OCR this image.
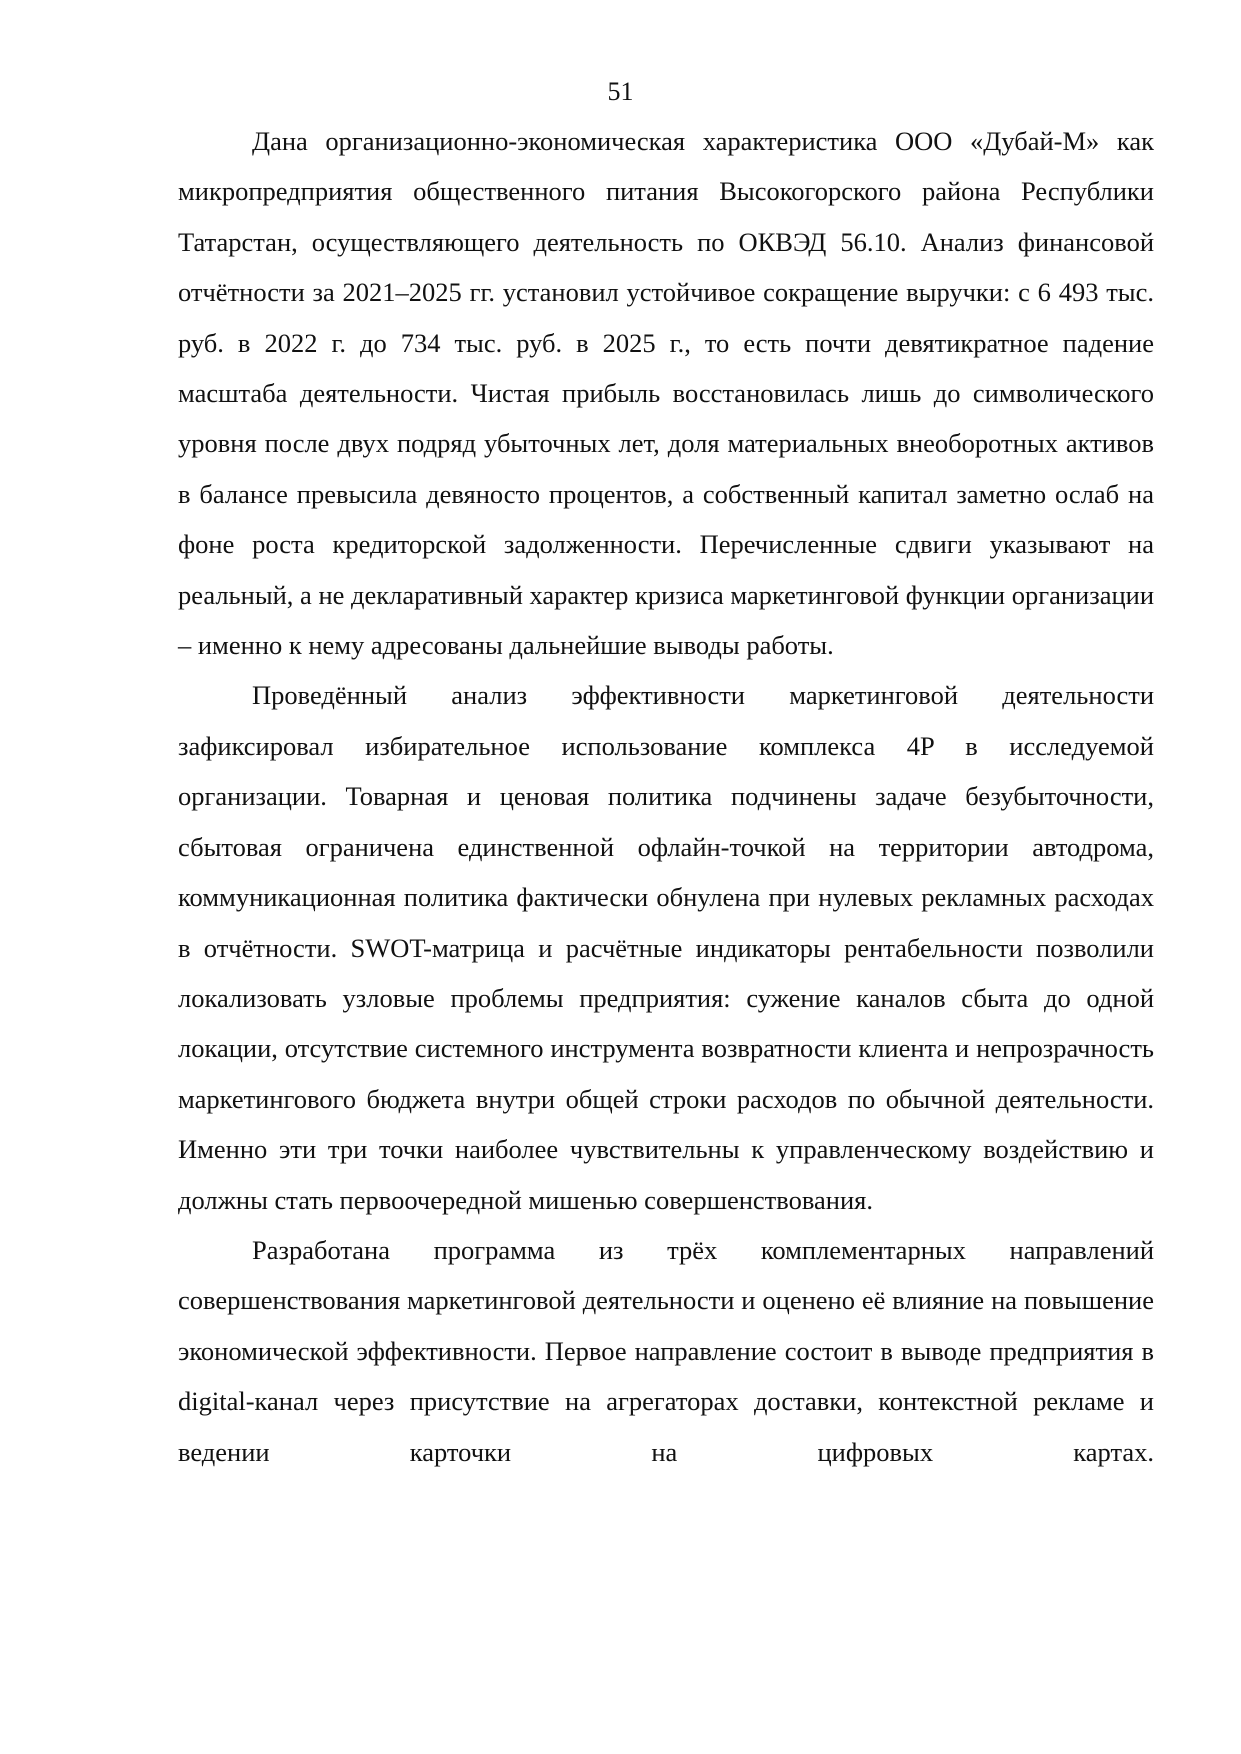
51

Дана организационно-экономическая характеристика ООО «Дубай-М» как микропредприятия общественного питания Высокогорского района Республики Татарстан, осуществляющего деятельность по ОКВЭД 56.10. Анализ финансовой отчётности за 2021–2025 гг. установил устойчивое сокращение выручки: с 6 493 тыс. руб. в 2022 г. до 734 тыс. руб. в 2025 г., то есть почти девятикратное падение масштаба деятельности. Чистая прибыль восстановилась лишь до символического уровня после двух подряд убыточных лет, доля материальных внеоборотных активов в балансе превысила девяносто процентов, а собственный капитал заметно ослаб на фоне роста кредиторской задолженности. Перечисленные сдвиги указывают на реальный, а не декларативный характер кризиса маркетинговой функции организации – именно к нему адресованы дальнейшие выводы работы.

Проведённый анализ эффективности маркетинговой деятельности зафиксировал избирательное использование комплекса 4P в исследуемой организации. Товарная и ценовая политика подчинены задаче безубыточности, сбытовая ограничена единственной офлайн-точкой на территории автодрома, коммуникационная политика фактически обнулена при нулевых рекламных расходах в отчётности. SWOT-матрица и расчётные индикаторы рентабельности позволили локализовать узловые проблемы предприятия: сужение каналов сбыта до одной локации, отсутствие системного инструмента возвратности клиента и непрозрачность маркетингового бюджета внутри общей строки расходов по обычной деятельности. Именно эти три точки наиболее чувствительны к управленческому воздействию и должны стать первоочередной мишенью совершенствования.

Разработана программа из трёх комплементарных направлений совершенствования маркетинговой деятельности и оценено её влияние на повышение экономической эффективности. Первое направление состоит в выводе предприятия в digital-канал через присутствие на агрегаторах доставки, контекстной рекламе и ведении карточки на цифровых картах.
